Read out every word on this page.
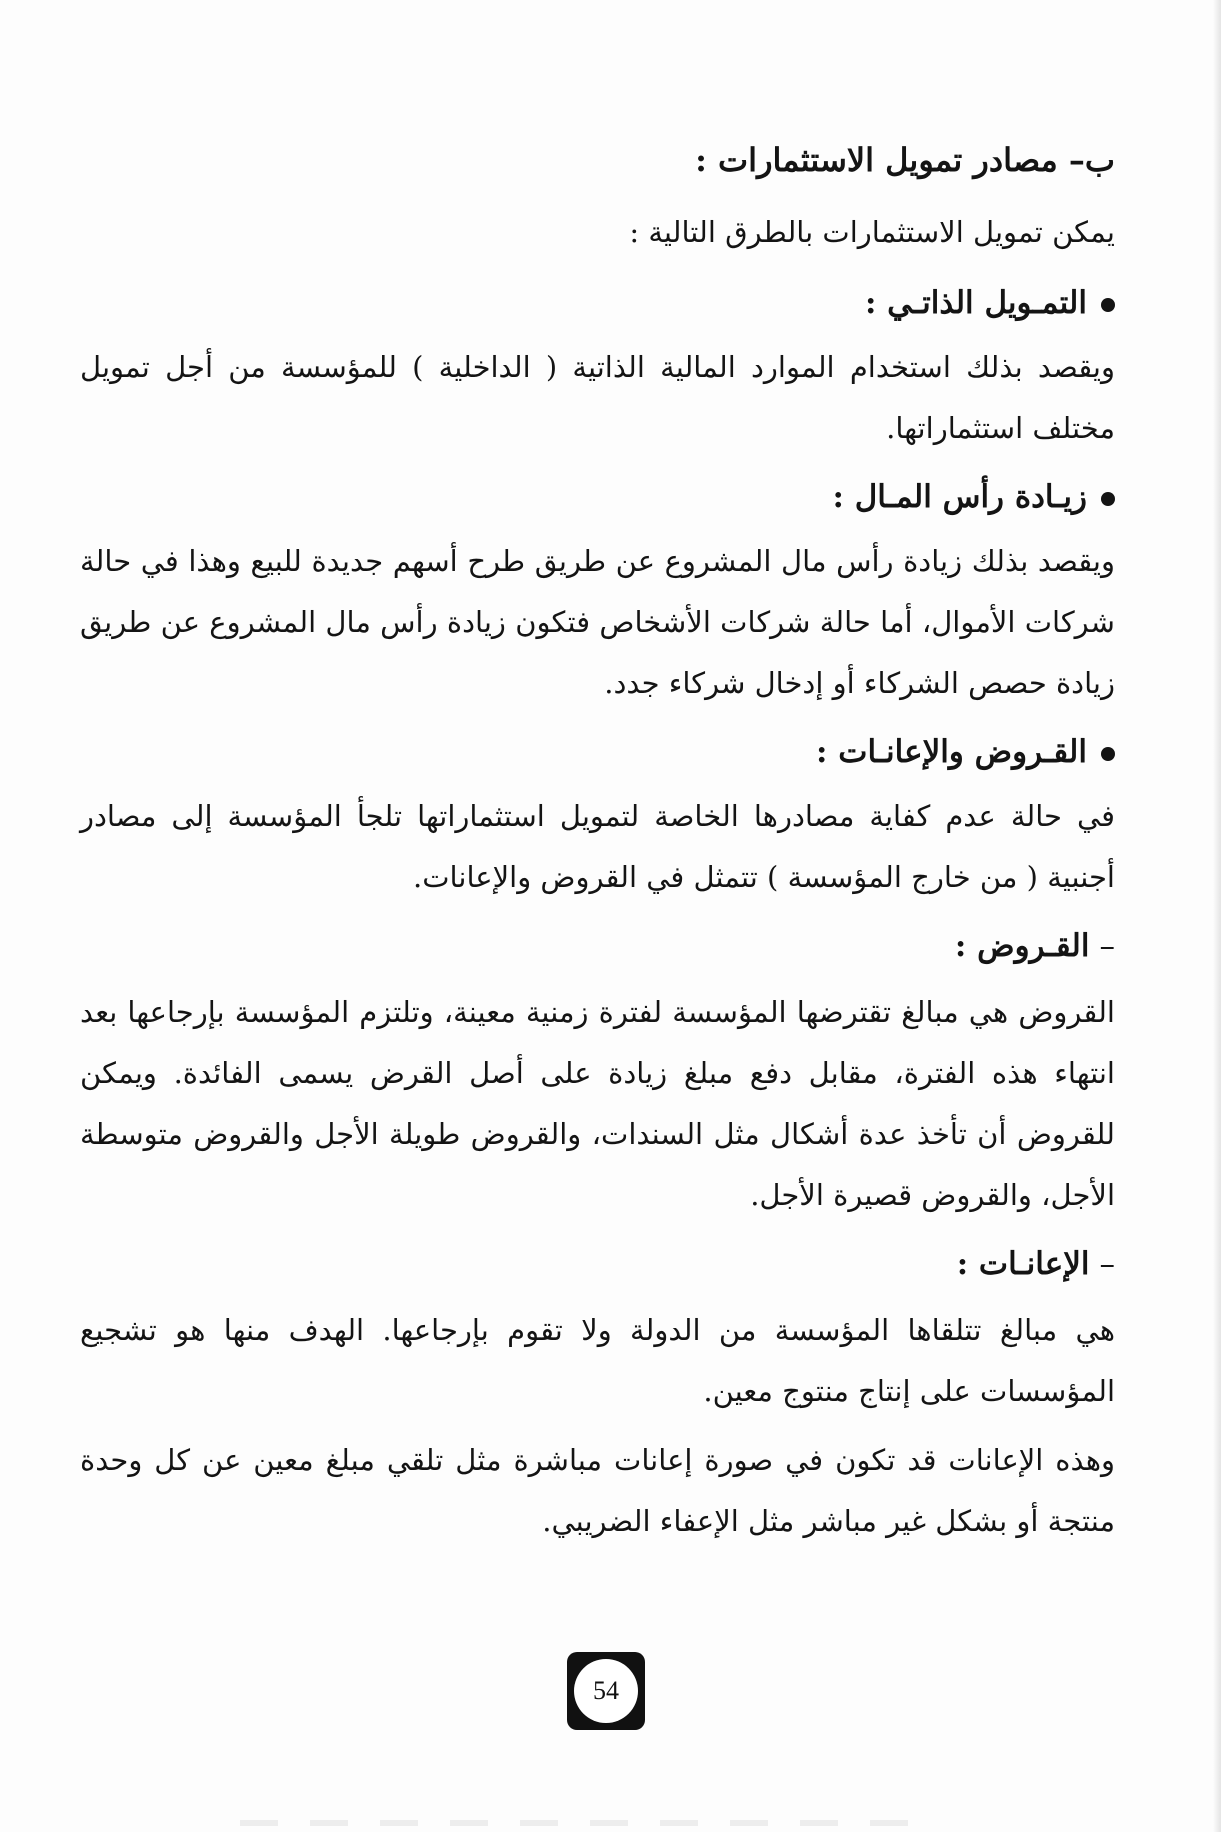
ب– مصادر تمويل الاستثمارات :

يمكن تمويل الاستثمارات بالطرق التالية :

التمـويل الذاتـي :

ويقصد بذلك استخدام الموارد المالية الذاتية ( الداخلية ) للمؤسسة من أجل تمويل مختلف استثماراتها.

زيـادة رأس المـال :

ويقصد بذلك زيادة رأس مال المشروع عن طريق طرح أسهم جديدة للبيع وهذا في حالة شركات الأموال، أما حالة شركات الأشخاص فتكون زيادة رأس مال المشروع عن طريق زيادة حصص الشركاء أو إدخال شركاء جدد.

القـروض والإعانـات :

في حالة عدم كفاية مصادرها الخاصة لتمويل استثماراتها تلجأ المؤسسة إلى مصادر أجنبية ( من خارج المؤسسة ) تتمثل في القروض والإعانات.

–القـروض :

القروض هي مبالغ تقترضها المؤسسة لفترة زمنية معينة، وتلتزم المؤسسة بإرجاعها بعد انتهاء هذه الفترة، مقابل دفع مبلغ زيادة على أصل القرض يسمى الفائدة. ويمكن للقروض أن تأخذ عدة أشكال مثل السندات، والقروض طويلة الأجل والقروض متوسطة الأجل، والقروض قصيرة الأجل.

–الإعانـات :

هي مبالغ تتلقاها المؤسسة من الدولة ولا تقوم بإرجاعها. الهدف منها هو تشجيع المؤسسات على إنتاج منتوج معين.

وهذه الإعانات قد تكون في صورة إعانات مباشرة مثل تلقي مبلغ معين عن كل وحدة منتجة أو بشكل غير مباشر مثل الإعفاء الضريبي.

54
